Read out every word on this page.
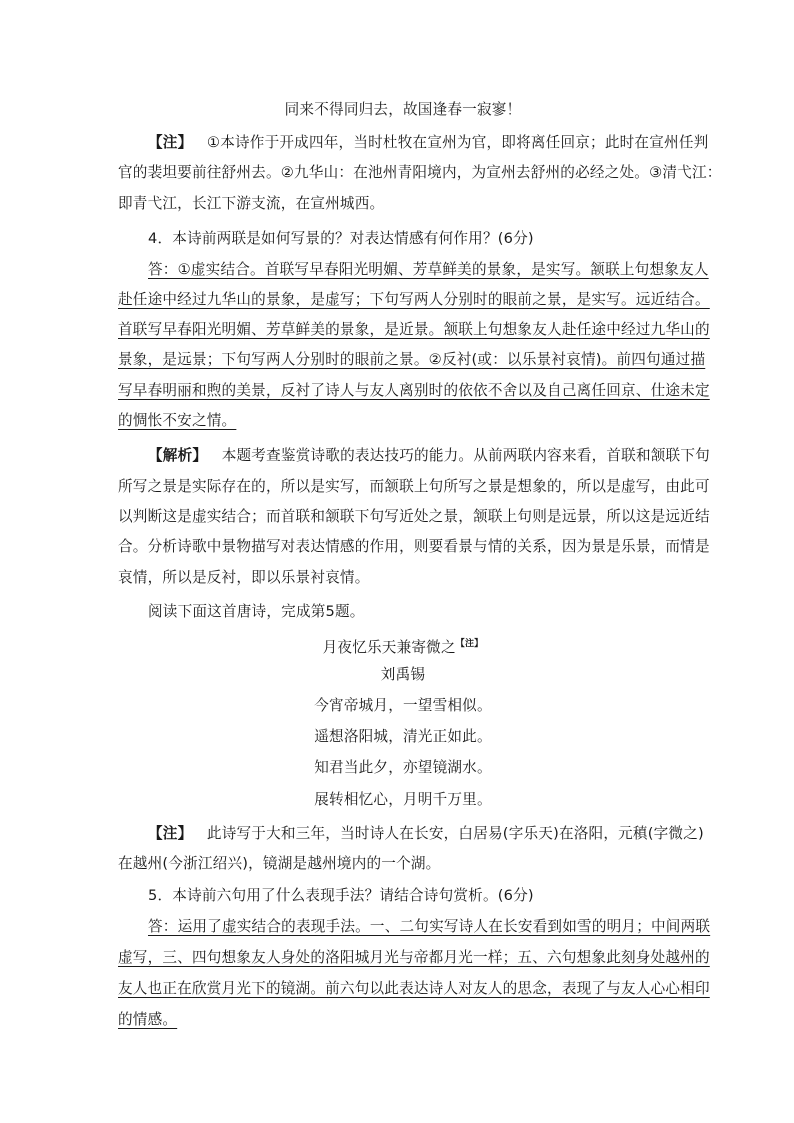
同来不得同归去，故国逢春一寂寥！
【注】 ①本诗作于开成四年，当时杜牧在宣州为官，即将离任回京；此时在宣州任判
官的裴坦要前往舒州去。②九华山：在池州青阳境内，为宣州去舒州的必经之处。③清弋江：
即青弋江，长江下游支流，在宣州城西。
4．本诗前两联是如何写景的？对表达情感有何作用？(6分)
答：①虚实结合。首联写早春阳光明媚、芳草鲜美的景象，是实写。颔联上句想象友人
赴任途中经过九华山的景象，是虚写；下句写两人分别时的眼前之景，是实写。远近结合。
首联写早春阳光明媚、芳草鲜美的景象，是近景。颔联上句想象友人赴任途中经过九华山的
景象，是远景；下句写两人分别时的眼前之景。②反衬(或：以乐景衬哀情)。前四句通过描
写早春明丽和煦的美景，反衬了诗人与友人离别时的依依不舍以及自己离任回京、仕途未定
的惆怅不安之情。
【解析】 本题考查鉴赏诗歌的表达技巧的能力。从前两联内容来看，首联和颔联下句
所写之景是实际存在的，所以是实写，而颔联上句所写之景是想象的，所以是虚写，由此可
以判断这是虚实结合；而首联和颔联下句写近处之景，颔联上句则是远景，所以这是远近结
合。分析诗歌中景物描写对表达情感的作用，则要看景与情的关系，因为景是乐景，而情是
哀情，所以是反衬，即以乐景衬哀情。
阅读下面这首唐诗，完成第5题。
月夜忆乐天兼寄微之$^{【注】}$
刘禹锡
今宵帝城月，一望雪相似。
遥想洛阳城，清光正如此。
知君当此夕，亦望镜湖水。
展转相忆心，月明千万里。
【注】 此诗写于大和三年，当时诗人在长安，白居易(字乐天)在洛阳，元稹(字微之)
在越州(今浙江绍兴)，镜湖是越州境内的一个湖。
5．本诗前六句用了什么表现手法？请结合诗句赏析。(6分)
答：运用了虚实结合的表现手法。一、二句实写诗人在长安看到如雪的明月；中间两联
虚写，三、四句想象友人身处的洛阳城月光与帝都月光一样；五、六句想象此刻身处越州的
友人也正在欣赏月光下的镜湖。前六句以此表达诗人对友人的思念，表现了与友人心心相印
的情感。
